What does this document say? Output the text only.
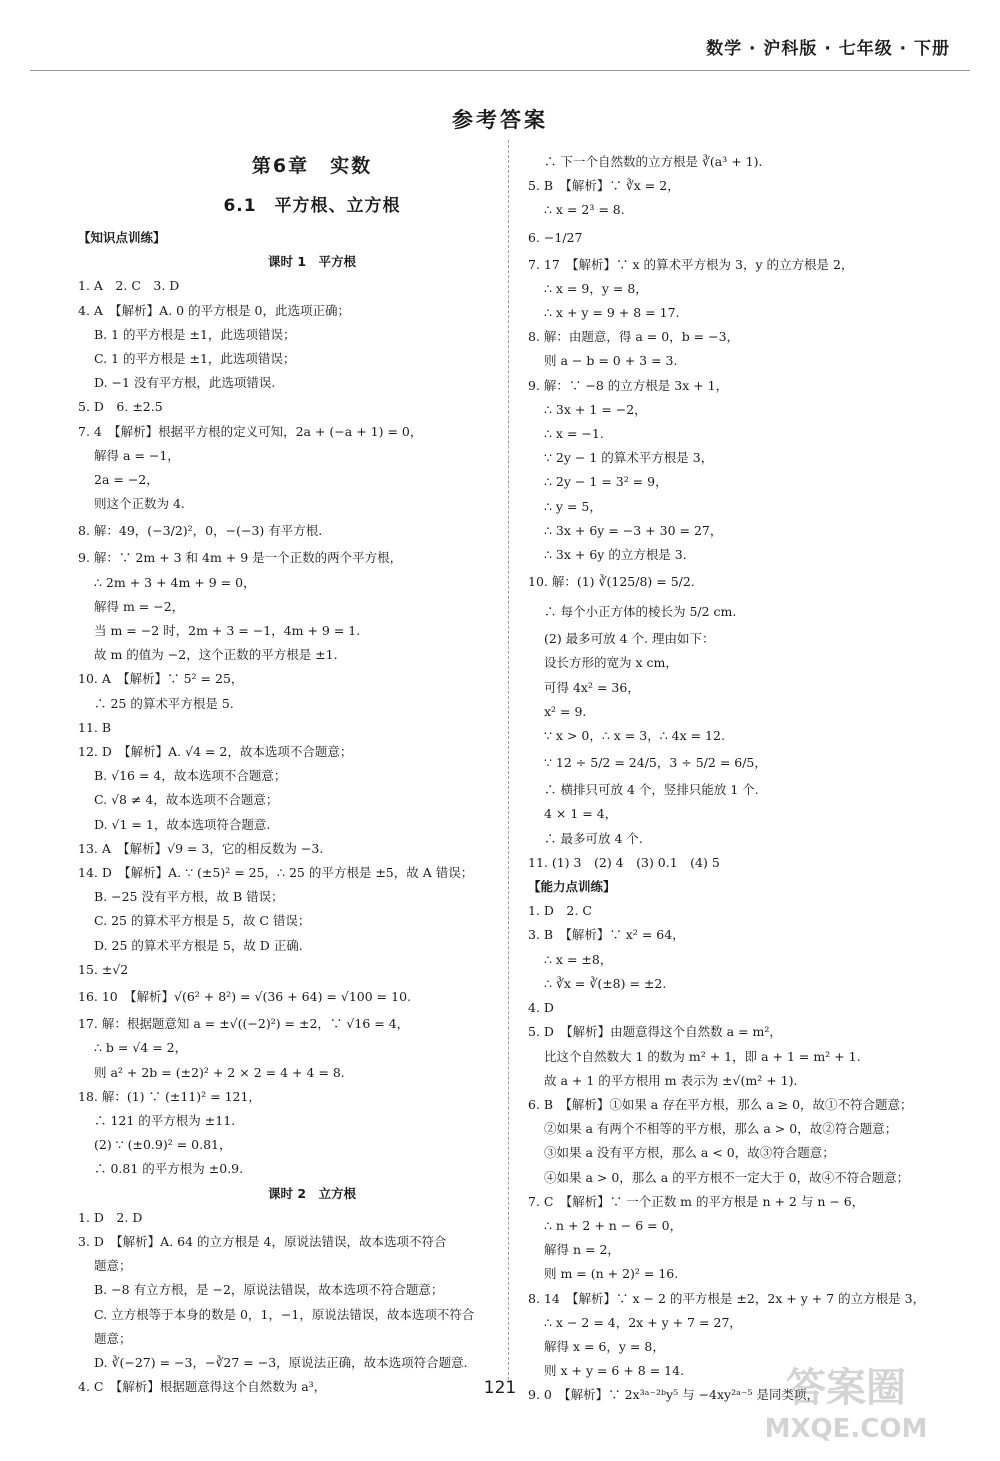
数学 · 沪科版 · 七年级 · 下册
参考答案
第6章　实数
6.1　平方根、立方根
【知识点训练】
课时 1　平方根
1. A　2. C　3. D
4. A　【解析】A. 0 的平方根是 0，此选项正确；
B. 1 的平方根是 ±1，此选项错误；
C. 1 的平方根是 ±1，此选项错误；
D. −1 没有平方根，此选项错误.
5. D　6. ±2.5
7. 4　【解析】根据平方根的定义可知，2a + (−a + 1) = 0，
解得 a = −1，
2a = −2，
则这个正数为 4.
8. 解：49，(−3/2)²，0，−(−3) 有平方根.
9. 解：∵ 2m + 3 和 4m + 9 是一个正数的两个平方根，
∴ 2m + 3 + 4m + 9 = 0，
解得 m = −2，
当 m = −2 时，2m + 3 = −1，4m + 9 = 1.
故 m 的值为 −2，这个正数的平方根是 ±1.
10. A　【解析】∵ 5² = 25，
∴ 25 的算术平方根是 5.
11. B
12. D　【解析】A. √4 = 2，故本选项不合题意；
B. √16 = 4，故本选项不合题意；
C. √8 ≠ 4，故本选项不合题意；
D. √1 = 1，故本选项符合题意.
13. A　【解析】√9 = 3，它的相反数为 −3.
14. D　【解析】A. ∵ (±5)² = 25，∴ 25 的平方根是 ±5，故 A 错误；
B. −25 没有平方根，故 B 错误；
C. 25 的算术平方根是 5，故 C 错误；
D. 25 的算术平方根是 5，故 D 正确.
15. ±√2
16. 10　【解析】√(6² + 8²) = √(36 + 64) = √100 = 10.
17. 解：根据题意知 a = ±√((−2)²) = ±2，∵ √16 = 4，
∴ b = √4 = 2，
则 a² + 2b = (±2)² + 2 × 2 = 4 + 4 = 8.
18. 解：(1) ∵ (±11)² = 121，
∴ 121 的平方根为 ±11.
(2) ∵ (±0.9)² = 0.81，
∴ 0.81 的平方根为 ±0.9.
课时 2　立方根
1. D　2. D
3. D　【解析】A. 64 的立方根是 4，原说法错误，故本选项不符合
题意；
B. −8 有立方根，是 −2，原说法错误，故本选项不符合题意；
C. 立方根等于本身的数是 0，1，−1，原说法错误，故本选项不符合
题意；
D. ∛(−27) = −3，−∛27 = −3，原说法正确，故本选项符合题意.
4. C　【解析】根据题意得这个自然数为 a³，
∴ 下一个自然数的立方根是 ∛(a³ + 1).
5. B　【解析】∵ ∛x = 2，
∴ x = 2³ = 8.
6. −1/27
7. 17　【解析】∵ x 的算术平方根为 3，y 的立方根是 2，
∴ x = 9，y = 8，
∴ x + y = 9 + 8 = 17.
8. 解：由题意，得 a = 0，b = −3，
则 a − b = 0 + 3 = 3.
9. 解：∵ −8 的立方根是 3x + 1，
∴ 3x + 1 = −2，
∴ x = −1.
∵ 2y − 1 的算术平方根是 3，
∴ 2y − 1 = 3² = 9，
∴ y = 5，
∴ 3x + 6y = −3 + 30 = 27，
∴ 3x + 6y 的立方根是 3.
10. 解：(1) ∛(125/8) = 5/2.
∴ 每个小正方体的棱长为 5/2 cm.
(2) 最多可放 4 个. 理由如下：
设长方形的宽为 x cm，
可得 4x² = 36，
x² = 9.
∵ x > 0，∴ x = 3，∴ 4x = 12.
∵ 12 ÷ 5/2 = 24/5，3 ÷ 5/2 = 6/5，
∴ 横排只可放 4 个，竖排只能放 1 个.
4 × 1 = 4，
∴ 最多可放 4 个.
11. (1) 3　(2) 4　(3) 0.1　(4) 5
【能力点训练】
1. D　2. C
3. B　【解析】∵ x² = 64，
∴ x = ±8，
∴ ∛x = ∛(±8) = ±2.
4. D
5. D　【解析】由题意得这个自然数 a = m²，
比这个自然数大 1 的数为 m² + 1，即 a + 1 = m² + 1.
故 a + 1 的平方根用 m 表示为 ±√(m² + 1).
6. B　【解析】①如果 a 存在平方根，那么 a ≥ 0，故①不符合题意；
②如果 a 有两个不相等的平方根，那么 a > 0，故②符合题意；
③如果 a 没有平方根，那么 a < 0，故③符合题意；
④如果 a > 0，那么 a 的平方根不一定大于 0，故④不符合题意；
7. C　【解析】∵ 一个正数 m 的平方根是 n + 2 与 n − 6，
∴ n + 2 + n − 6 = 0，
解得 n = 2，
则 m = (n + 2)² = 16.
8. 14　【解析】∵ x − 2 的平方根是 ±2，2x + y + 7 的立方根是 3，
∴ x − 2 = 4，2x + y + 7 = 27，
解得 x = 6，y = 8，
则 x + y = 6 + 8 = 14.
9. 0　【解析】∵ 2x³ᵃ⁻²ᵇy⁵ 与 −4xy²ᵃ⁻⁵ 是同类项，
121	答案圈
MXQE.COM
